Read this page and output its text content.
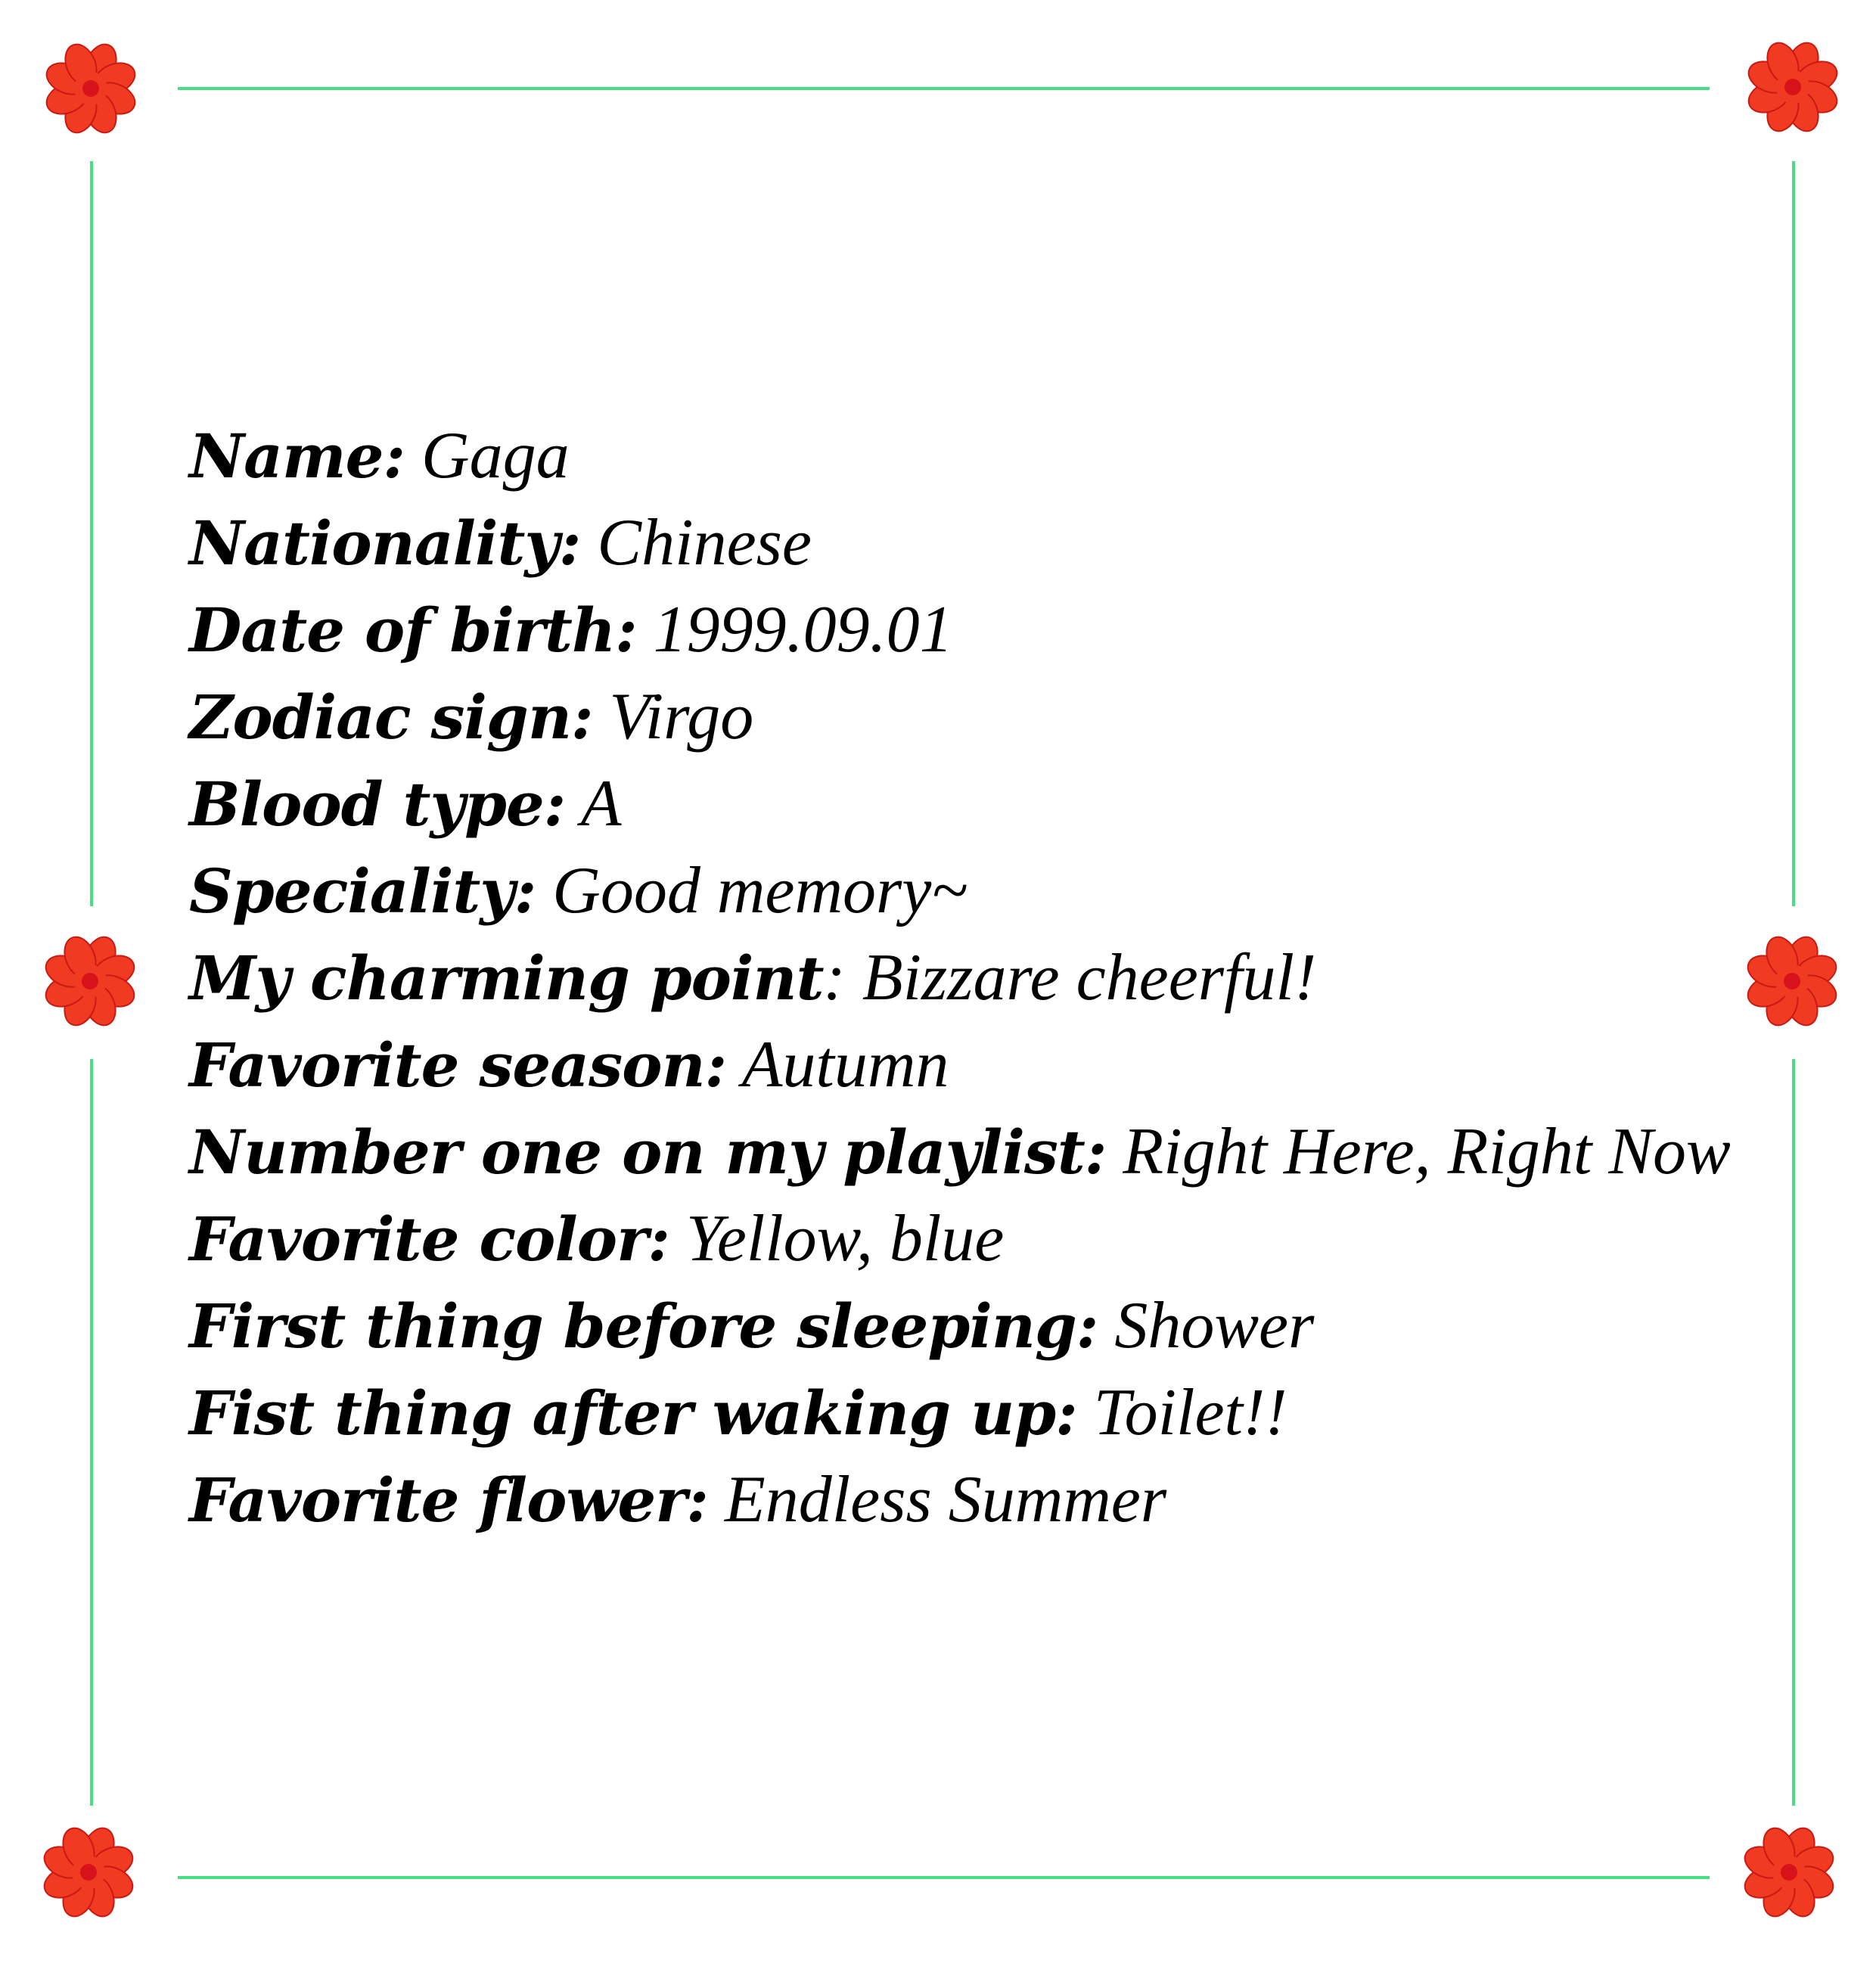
Name: Gaga
Nationality: Chinese
Date of birth: 1999.09.01
Zodiac sign: Virgo
Blood type: A
Speciality: Good memory~
My charming point: Bizzare cheerful!
Favorite season: Autumn
Number one on my playlist: Right Here, Right Now
Favorite color: Yellow, blue
First thing before sleeping: Shower
Fist thing after waking up: Toilet!!
Favorite flower: Endless Summer
